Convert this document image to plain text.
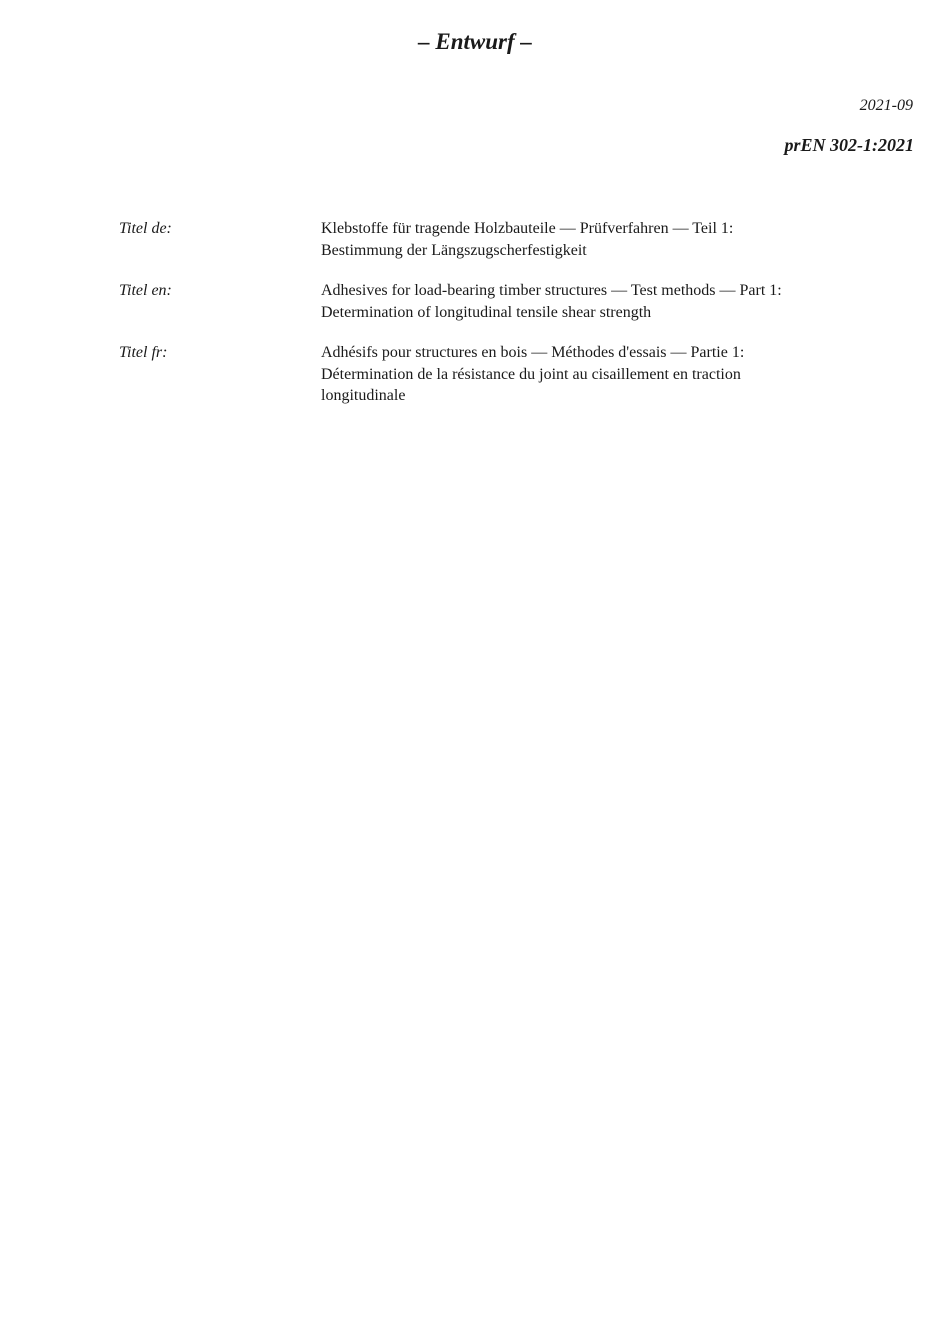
– Entwurf –
2021-09
prEN 302-1:2021
Titel de:	Klebstoffe für tragende Holzbauteile — Prüfverfahren — Teil 1:
Bestimmung der Längszugscherfestigkeit
Titel en:	Adhesives for load-bearing timber structures — Test methods — Part 1:
Determination of longitudinal tensile shear strength
Titel fr:	Adhésifs pour structures en bois — Méthodes d'essais — Partie 1:
Détermination de la résistance du joint au cisaillement en traction
longitudinale
